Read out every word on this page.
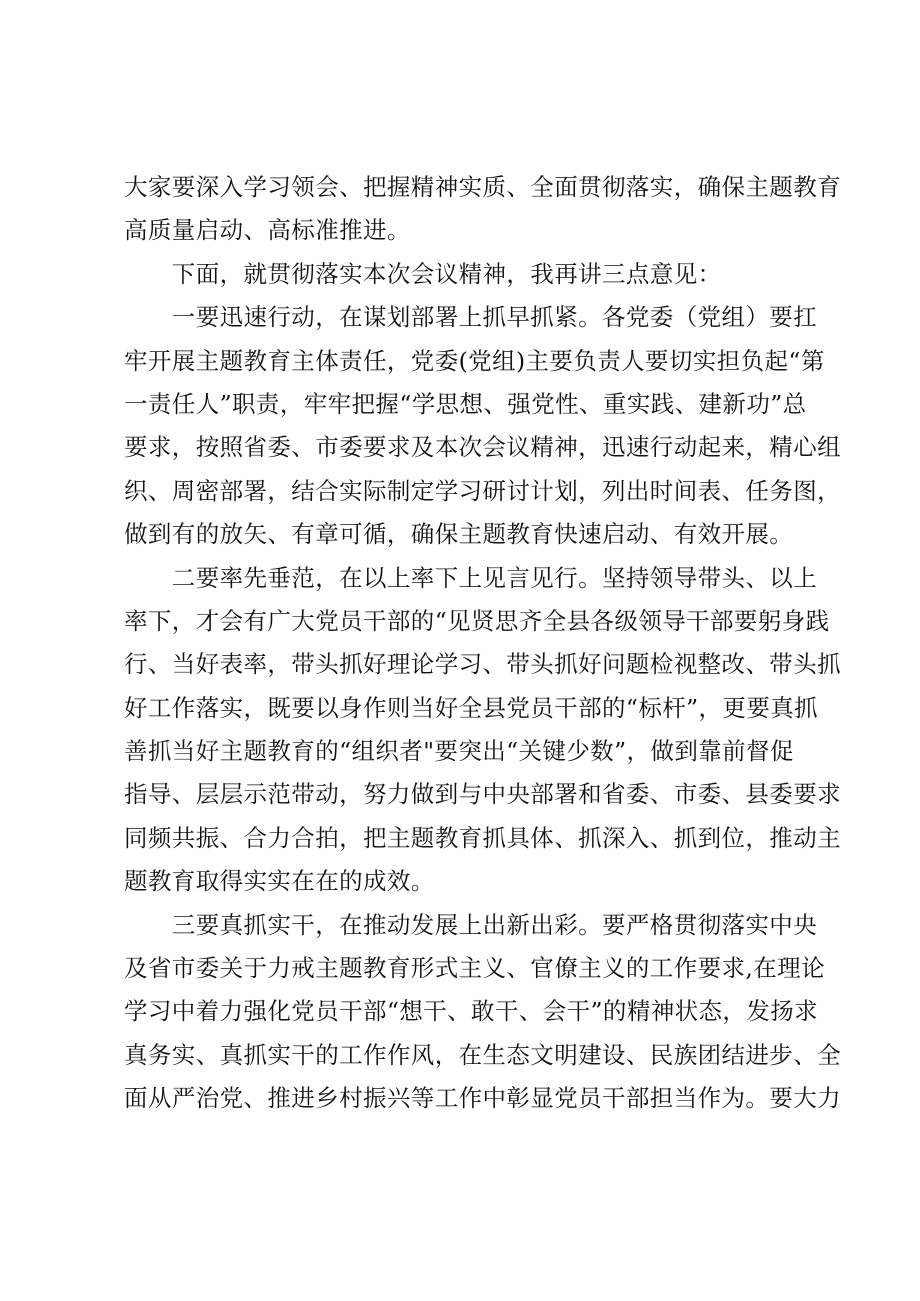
大家要深入学习领会、把握精神实质、全面贯彻落实，确保主题教育
高质量启动、高标准推进。
　　下面，就贯彻落实本次会议精神，我再讲三点意见：
　　一要迅速行动，在谋划部署上抓早抓紧。各党委（党组）要扛
牢开展主题教育主体责任，党委(党组)主要负责人要切实担负起“第
一责任人”职责，牢牢把握“学思想、强党性、重实践、建新功”总
要求，按照省委、市委要求及本次会议精神，迅速行动起来，精心组
织、周密部署，结合实际制定学习研讨计划，列出时间表、任务图，
做到有的放矢、有章可循，确保主题教育快速启动、有效开展。
　　二要率先垂范，在以上率下上见言见行。坚持领导带头、以上
率下，才会有广大党员干部的“见贤思齐全县各级领导干部要躬身践
行、当好表率，带头抓好理论学习、带头抓好问题检视整改、带头抓
好工作落实，既要以身作则当好全县党员干部的“标杆”，更要真抓
善抓当好主题教育的“组织者"要突出“关键少数”，做到靠前督促
指导、层层示范带动，努力做到与中央部署和省委、市委、县委要求
同频共振、合力合拍，把主题教育抓具体、抓深入、抓到位，推动主
题教育取得实实在在的成效。
　　三要真抓实干，在推动发展上出新出彩。要严格贯彻落实中央
及省市委关于力戒主题教育形式主义、官僚主义的工作要求,在理论
学习中着力强化党员干部“想干、敢干、会干”的精神状态，发扬求
真务实、真抓实干的工作作风，在生态文明建设、民族团结进步、全
面从严治党、推进乡村振兴等工作中彰显党员干部担当作为。要大力
